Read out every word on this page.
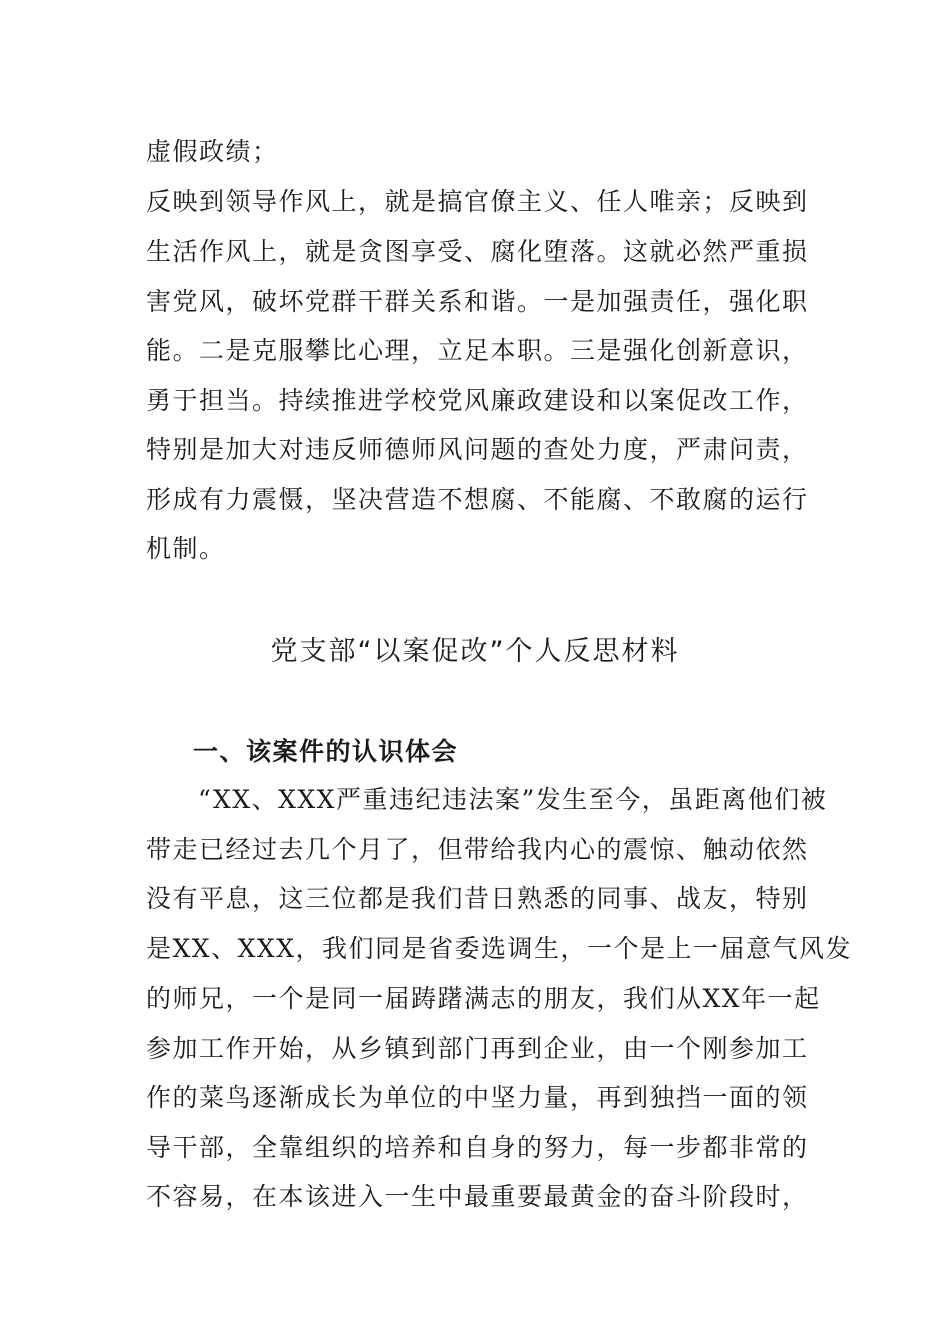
虚假政绩；
反映到领导作风上，就是搞官僚主义、任人唯亲；反映到
生活作风上，就是贪图享受、腐化堕落。这就必然严重损
害党风，破坏党群干群关系和谐。一是加强责任，强化职
能。二是克服攀比心理，立足本职。三是强化创新意识，
勇于担当。持续推进学校党风廉政建设和以案促改工作，
特别是加大对违反师德师风问题的查处力度，严肃问责，
形成有力震慑，坚决营造不想腐、不能腐、不敢腐的运行
机制。
党支部“以案促改”个人反思材料
一、该案件的认识体会
“XX、XXX严重违纪违法案”发生至今，虽距离他们被
带走已经过去几个月了，但带给我内心的震惊、触动依然
没有平息，这三位都是我们昔日熟悉的同事、战友，特别
是XX、XXX，我们同是省委选调生，一个是上一届意气风发
的师兄，一个是同一届踌躇满志的朋友，我们从XX年一起
参加工作开始，从乡镇到部门再到企业，由一个刚参加工
作的菜鸟逐渐成长为单位的中坚力量，再到独挡一面的领
导干部，全靠组织的培养和自身的努力，每一步都非常的
不容易，在本该进入一生中最重要最黄金的奋斗阶段时，
